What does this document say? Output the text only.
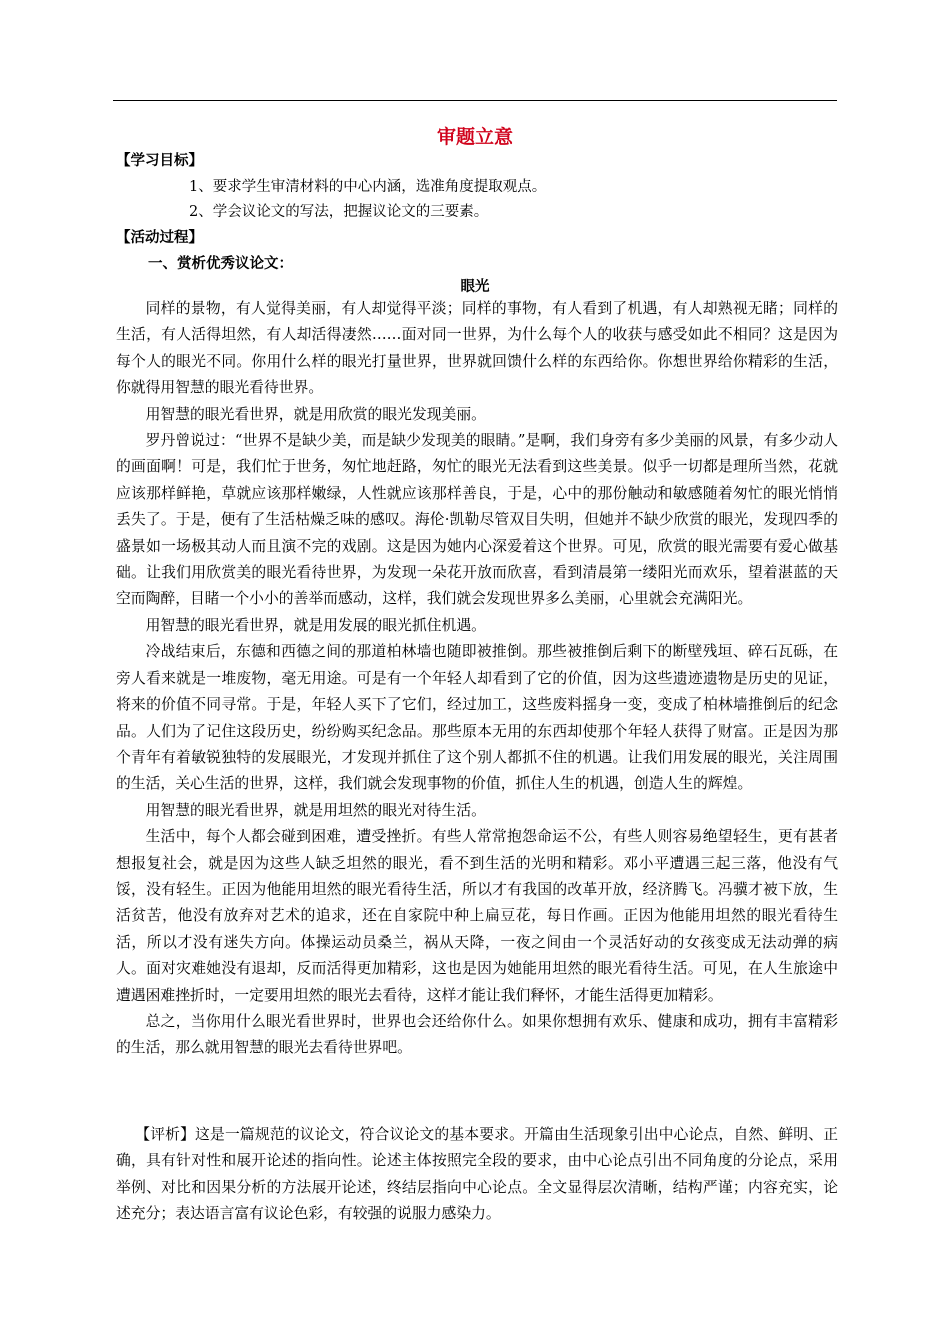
审题立意
【学习目标】
1、要求学生审清材料的中心内涵，选准角度提取观点。
2、学会议论文的写法，把握议论文的三要素。
【活动过程】
一、赏析优秀议论文：
眼光

同样的景物，有人觉得美丽，有人却觉得平淡；同样的事物，有人看到了机遇，有人却熟视无睹；同样的生活，有人活得坦然，有人却活得凄然……面对同一世界，为什么每个人的收获与感受如此不相同？这是因为每个人的眼光不同。你用什么样的眼光打量世界，世界就回馈什么样的东西给你。你想世界给你精彩的生活，你就得用智慧的眼光看待世界。

用智慧的眼光看世界，就是用欣赏的眼光发现美丽。

罗丹曾说过：“世界不是缺少美，而是缺少发现美的眼睛。”是啊，我们身旁有多少美丽的风景，有多少动人的画面啊！可是，我们忙于世务，匆忙地赶路，匆忙的眼光无法看到这些美景。似乎一切都是理所当然，花就应该那样鲜艳，草就应该那样嫩绿，人性就应该那样善良，于是，心中的那份触动和敏感随着匆忙的眼光悄悄丢失了。于是，便有了生活枯燥乏味的感叹。海伦·凯勒尽管双目失明，但她并不缺少欣赏的眼光，发现四季的盛景如一场极其动人而且演不完的戏剧。这是因为她内心深爱着这个世界。可见，欣赏的眼光需要有爱心做基础。让我们用欣赏美的眼光看待世界，为发现一朵花开放而欣喜，看到清晨第一缕阳光而欢乐，望着湛蓝的天空而陶醉，目睹一个小小的善举而感动，这样，我们就会发现世界多么美丽，心里就会充满阳光。

用智慧的眼光看世界，就是用发展的眼光抓住机遇。

冷战结束后，东德和西德之间的那道柏林墙也随即被推倒。那些被推倒后剩下的断壁残垣、碎石瓦砾，在旁人看来就是一堆废物，毫无用途。可是有一个年轻人却看到了它的价值，因为这些遗迹遗物是历史的见证，将来的价值不同寻常。于是，年轻人买下了它们，经过加工，这些废料摇身一变，变成了柏林墙推倒后的纪念品。人们为了记住这段历史，纷纷购买纪念品。那些原本无用的东西却使那个年轻人获得了财富。正是因为那个青年有着敏锐独特的发展眼光，才发现并抓住了这个别人都抓不住的机遇。让我们用发展的眼光，关注周围的生活，关心生活的世界，这样，我们就会发现事物的价值，抓住人生的机遇，创造人生的辉煌。

用智慧的眼光看世界，就是用坦然的眼光对待生活。

生活中，每个人都会碰到困难，遭受挫折。有些人常常抱怨命运不公，有些人则容易绝望轻生，更有甚者想报复社会，就是因为这些人缺乏坦然的眼光，看不到生活的光明和精彩。邓小平遭遇三起三落，他没有气馁，没有轻生。正因为他能用坦然的眼光看待生活，所以才有我国的改革开放，经济腾飞。冯骥才被下放，生活贫苦，他没有放弃对艺术的追求，还在自家院中种上扁豆花，每日作画。正因为他能用坦然的眼光看待生活，所以才没有迷失方向。体操运动员桑兰，祸从天降，一夜之间由一个灵活好动的女孩变成无法动弹的病人。面对灾难她没有退却，反而活得更加精彩，这也是因为她能用坦然的眼光看待生活。可见，在人生旅途中遭遇困难挫折时，一定要用坦然的眼光去看待，这样才能让我们释怀，才能生活得更加精彩。

总之，当你用什么眼光看世界时，世界也会还给你什么。如果你想拥有欢乐、健康和成功，拥有丰富精彩的生活，那么就用智慧的眼光去看待世界吧。

【评析】这是一篇规范的议论文，符合议论文的基本要求。开篇由生活现象引出中心论点，自然、鲜明、正确，具有针对性和展开论述的指向性。论述主体按照完全段的要求，由中心论点引出不同角度的分论点，采用举例、对比和因果分析的方法展开论述，终结层指向中心论点。全文显得层次清晰，结构严谨；内容充实，论述充分；表达语言富有议论色彩，有较强的说服力感染力。
